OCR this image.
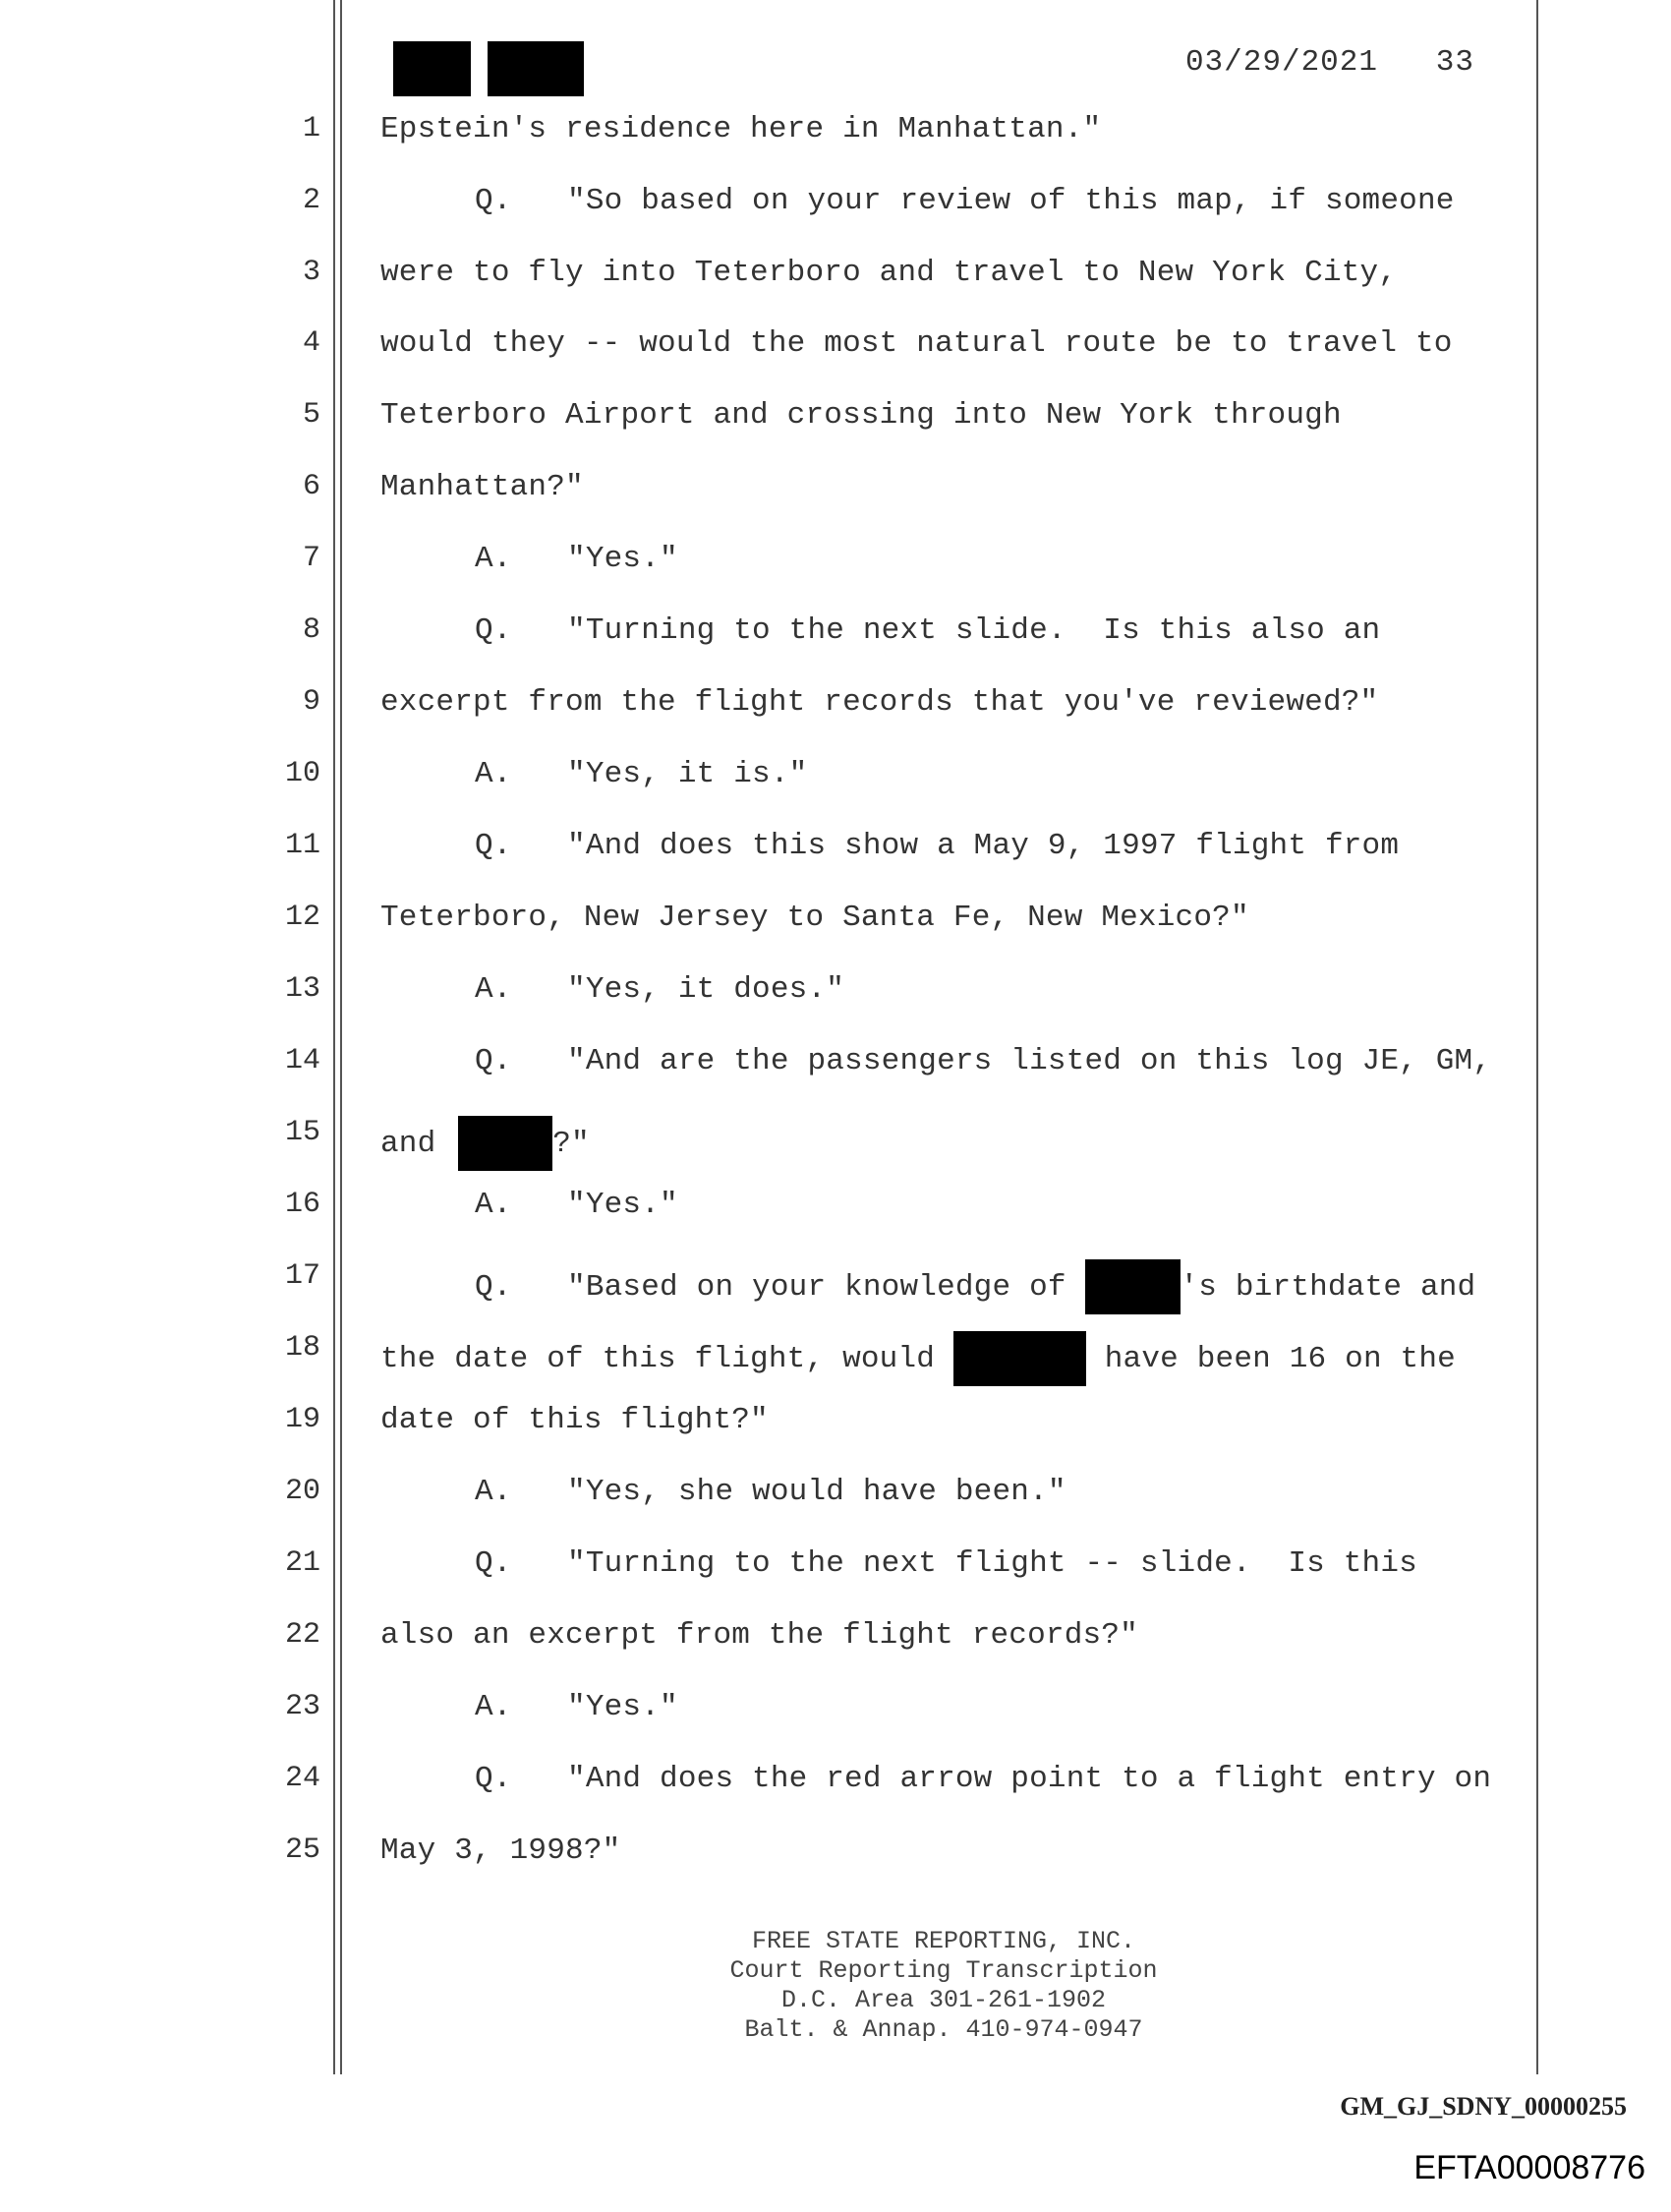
03/29/2021   33
1 Epstein's residence here in Manhattan."
2	Q.   "So based on your review of this map, if someone
3 were to fly into Teterboro and travel to New York City,
4 would they -- would the most natural route be to travel to
5 Teterboro Airport and crossing into New York through
6 Manhattan?"
7	A.   "Yes."
8	Q.   "Turning to the next slide.  Is this also an
9 excerpt from the flight records that you've reviewed?"
10	A.   "Yes, it is."
11	Q.   "And does this show a May 9, 1997 flight from
12 Teterboro, New Jersey to Santa Fe, New Mexico?"
13	A.   "Yes, it does."
14	Q.   "And are the passengers listed on this log JE, GM,
15 and	?"
16	A.   "Yes."
17	Q.   "Based on your knowledge of	's birthdate and
18 the date of this flight, would	have been 16 on the
19 date of this flight?"
20	A.   "Yes, she would have been."
21	Q.   "Turning to the next flight -- slide.  Is this
22 also an excerpt from the flight records?"
23	A.   "Yes."
24	Q.   "And does the red arrow point to a flight entry on
25 May 3, 1998?"
FREE STATE REPORTING, INC.
Court Reporting Transcription
D.C. Area 301-261-1902
Balt. & Annap. 410-974-0947
GM_GJ_SDNY_00000255
EFTA00008776
